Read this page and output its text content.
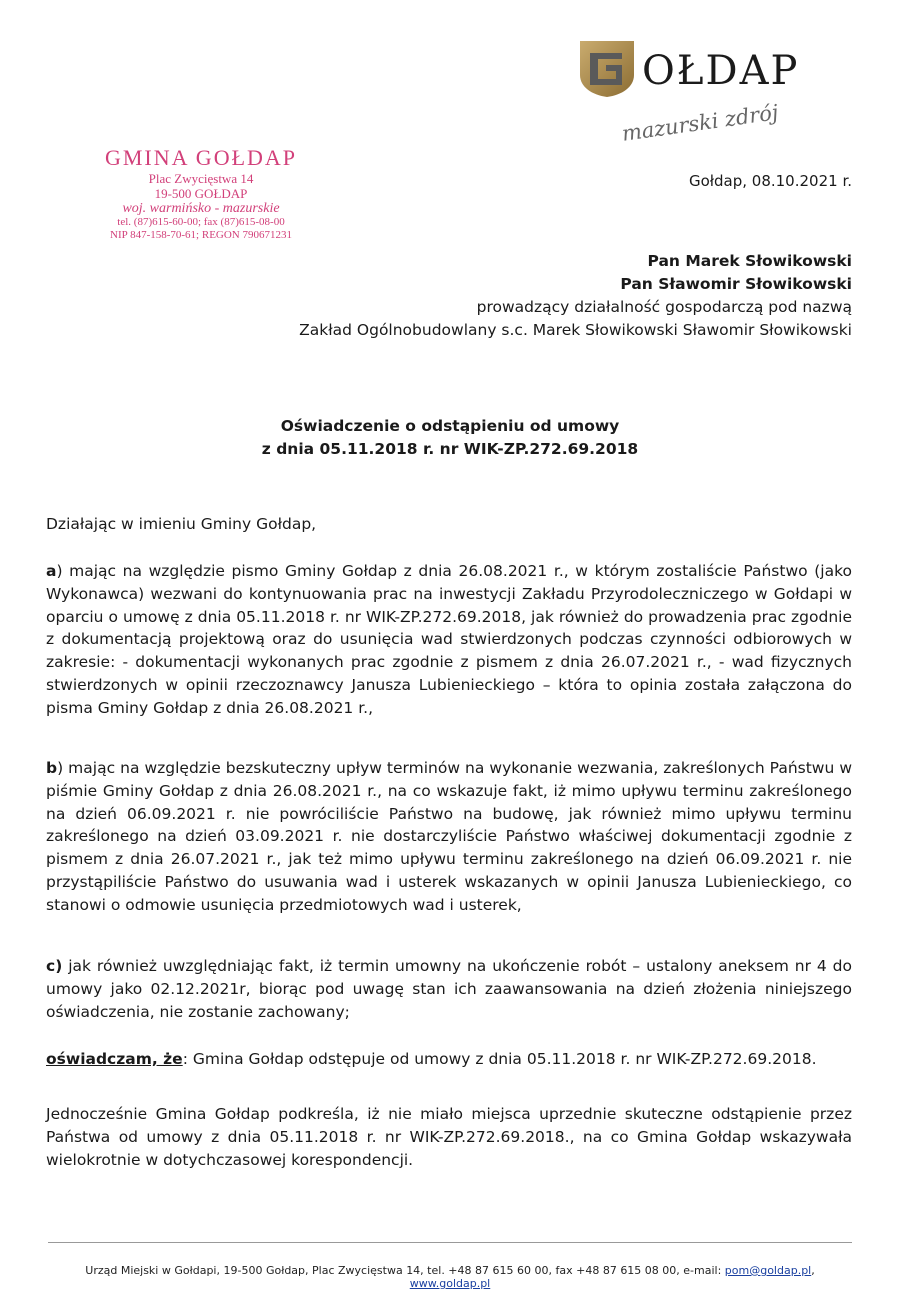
OŁDAP
mazurski zdrój
GMINA GOŁDAP
Plac Zwycięstwa 14
19-500 GOŁDAP
woj. warmińsko - mazurskie
tel. (87)615-60-00; fax (87)615-08-00
NIP 847-158-70-61; REGON 790671231
Gołdap, 08.10.2021 r.
Pan Marek Słowikowski
Pan Sławomir Słowikowski
prowadzący działalność gospodarczą pod nazwą
Zakład Ogólnobudowlany s.c. Marek Słowikowski Sławomir Słowikowski
Oświadczenie o odstąpieniu od umowy
z dnia 05.11.2018 r. nr WIK-ZP.272.69.2018
Działając w imieniu Gminy Gołdap,
a) mając na względzie pismo Gminy Gołdap z dnia 26.08.2021 r., w którym zostaliście Państwo (jako Wykonawca) wezwani do kontynuowania prac na inwestycji Zakładu Przyrodoleczniczego w Gołdapi w oparciu o umowę z dnia 05.11.2018 r. nr WIK-ZP.272.69.2018, jak również do prowadzenia prac zgodnie z dokumentacją projektową oraz do usunięcia wad stwierdzonych podczas czynności odbiorowych w zakresie: - dokumentacji wykonanych prac zgodnie z pismem z dnia 26.07.2021 r., - wad fizycznych stwierdzonych w opinii rzeczoznawcy Janusza Lubienieckiego – która to opinia została załączona do pisma Gminy Gołdap z dnia 26.08.2021 r.,
b) mając na względzie bezskuteczny upływ terminów na wykonanie wezwania, zakreślonych Państwu w piśmie Gminy Gołdap z dnia 26.08.2021 r., na co wskazuje fakt, iż mimo upływu terminu zakreślonego na dzień 06.09.2021 r. nie powróciliście Państwo na budowę, jak również mimo upływu terminu zakreślonego na dzień 03.09.2021 r. nie dostarczyliście Państwo właściwej dokumentacji zgodnie z pismem z dnia 26.07.2021 r., jak też mimo upływu terminu zakreślonego na dzień 06.09.2021 r. nie przystąpiliście Państwo do usuwania wad i usterek wskazanych w opinii Janusza Lubienieckiego, co stanowi o odmowie usunięcia przedmiotowych wad i usterek,
c) jak również uwzględniając fakt, iż termin umowny na ukończenie robót – ustalony aneksem nr 4 do umowy jako 02.12.2021r, biorąc pod uwagę stan ich zaawansowania na dzień złożenia niniejszego oświadczenia, nie zostanie zachowany;
oświadczam, że: Gmina Gołdap odstępuje od umowy z dnia 05.11.2018 r. nr WIK-ZP.272.69.2018.
Jednocześnie Gmina Gołdap podkreśla, iż nie miało miejsca uprzednie skuteczne odstąpienie przez Państwa od umowy z dnia 05.11.2018 r. nr WIK-ZP.272.69.2018., na co Gmina Gołdap wskazywała wielokrotnie w dotychczasowej korespondencji.
Urząd Miejski w Gołdapi, 19-500 Gołdap, Plac Zwycięstwa 14, tel. +48 87 615 60 00, fax +48 87 615 08 00, e-mail: pom@goldap.pl, www.goldap.pl
